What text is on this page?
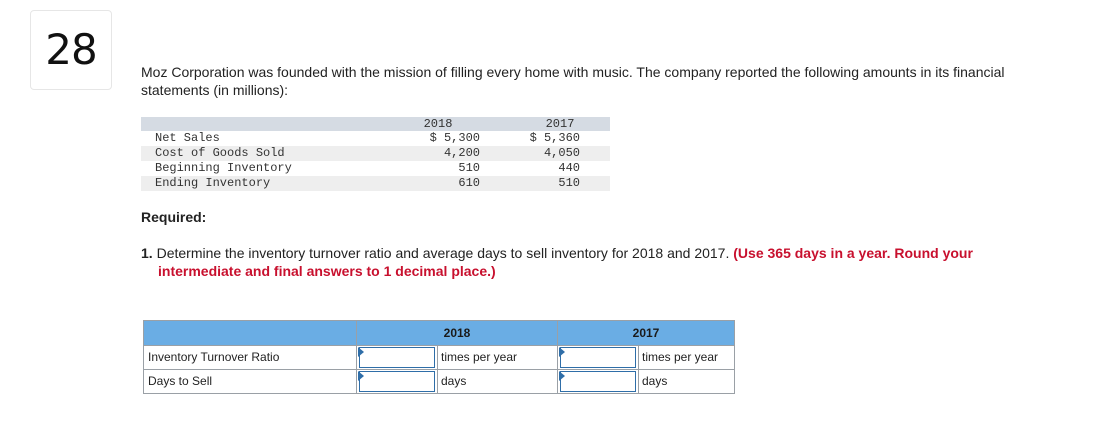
28	Moz Corporation was founded with the mission of filling every home with music. The company reported the following amounts in its financial statements (in millions):
2018	2017
Net Sales	$ 5,300	$ 5,360
Cost of Goods Sold	4,200	4,050
Beginning Inventory	510	440
Ending Inventory	610	510
Required:
1. Determine the inventory turnover ratio and average days to sell inventory for 2018 and 2017. (Use 365 days in a year. Round your
intermediate and final answers to 1 decimal place.)
2018	2017
Inventory Turnover Ratio	times per year	times per year
Days to Sell	days	days
